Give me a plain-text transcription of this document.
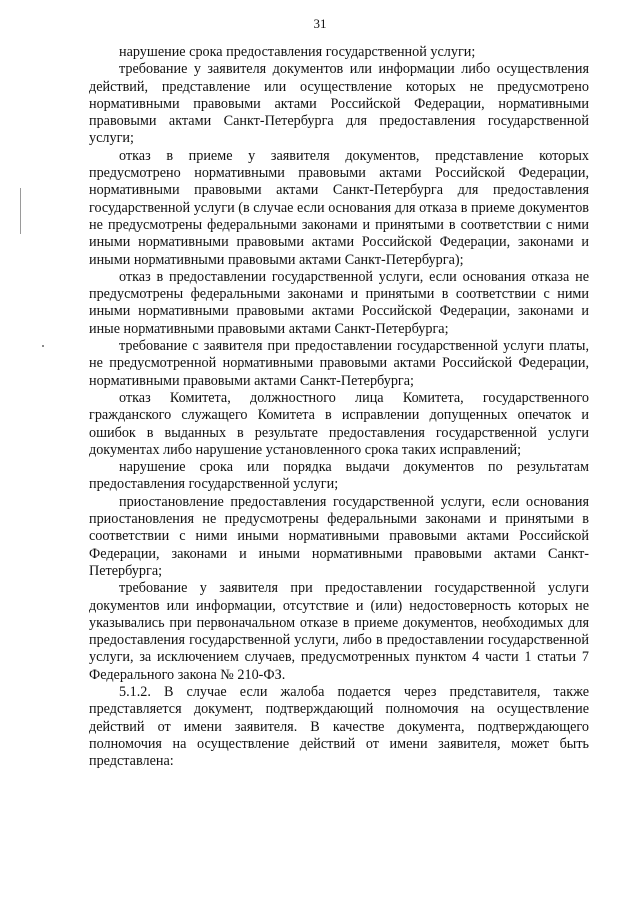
31

нарушение срока предоставления государственной услуги;

требование у заявителя документов или информации либо осуществления действий, представление или осуществление которых не предусмотрено нормативными правовыми актами Российской Федерации, нормативными правовыми актами Санкт-Петербурга для предоставления государственной услуги;

отказ в приеме у заявителя документов, представление которых предусмотрено нормативными правовыми актами Российской Федерации, нормативными правовыми актами Санкт-Петербурга для предоставления государственной услуги (в случае если основания для отказа в приеме документов не предусмотрены федеральными законами и принятыми в соответствии с ними иными нормативными правовыми актами Российской Федерации, законами и иными нормативными правовыми актами Санкт-Петербурга);

отказ в предоставлении государственной услуги, если основания отказа не предусмотрены федеральными законами и принятыми в соответствии с ними иными нормативными правовыми актами Российской Федерации, законами и иные нормативными правовыми актами Санкт-Петербурга;

требование с заявителя при предоставлении государственной услуги платы, не предусмотренной нормативными правовыми актами Российской Федерации, нормативными правовыми актами Санкт-Петербурга;

отказ Комитета, должностного лица Комитета, государственного гражданского служащего Комитета в исправлении допущенных опечаток и ошибок в выданных в результате предоставления государственной услуги документах либо нарушение установленного срока таких исправлений;

нарушение срока или порядка выдачи документов по результатам предоставления государственной услуги;

приостановление предоставления государственной услуги, если основания приостановления не предусмотрены федеральными законами и принятыми в соответствии с ними иными нормативными правовыми актами Российской Федерации, законами и иными нормативными правовыми актами Санкт-Петербурга;

требование у заявителя при предоставлении государственной услуги документов или информации, отсутствие и (или) недостоверность которых не указывались при первоначальном отказе в приеме документов, необходимых для предоставления государственной услуги, либо в предоставлении государственной услуги, за исключением случаев, предусмотренных пунктом 4 части 1 статьи 7 Федерального закона № 210-ФЗ.

5.1.2. В случае если жалоба подается через представителя, также представляется документ, подтверждающий полномочия на осуществление действий от имени заявителя. В качестве документа, подтверждающего полномочия на осуществление действий от имени заявителя, может быть представлена:
